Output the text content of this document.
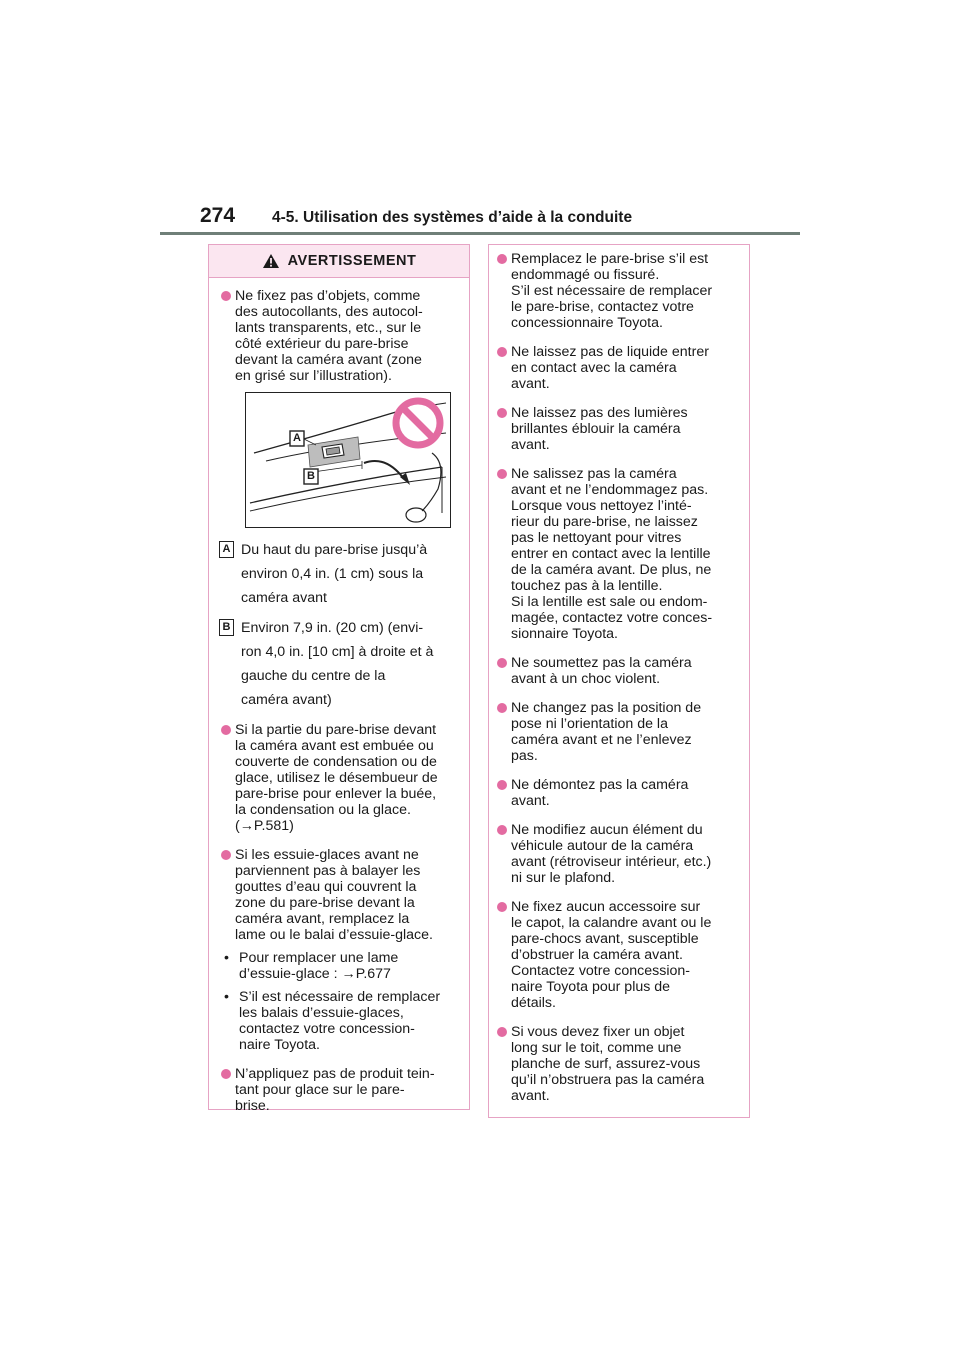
274 4-5. Utilisation des systèmes d’aide à la conduite
AVERTISSEMENT

Ne fixez pas d’objets, comme
des autocollants, des autocol-
lants transparents, etc., sur le
côté extérieur du pare-brise
devant la caméra avant (zone
en grisé sur l’illustration).

A
B
A Du haut du pare-brise jusqu’à
environ 0,4 in. (1 cm) sous la
caméra avant

B Environ 7,9 in. (20 cm) (envi-
ron 4,0 in. [10 cm] à droite et à
gauche du centre de la
caméra avant)

Si la partie du pare-brise devant
la caméra avant est embuée ou
couverte de condensation ou de
glace, utilisez le désembueur de
pare-brise pour enlever la buée,
la condensation ou la glace.
(→P.581)

Si les essuie-glaces avant ne
parviennent pas à balayer les
gouttes d’eau qui couvrent la
zone du pare-brise devant la
caméra avant, remplacez la
lame ou le balai d’essuie-glace.

• Pour remplacer une lame
d’essuie-glace : →P.677

• S’il est nécessaire de remplacer
les balais d’essuie-glaces,
contactez votre concession-
naire Toyota.

N’appliquez pas de produit tein-
tant pour glace sur le pare-
brise.

Remplacez le pare-brise s’il est
endommagé ou fissuré.
S’il est nécessaire de remplacer
le pare-brise, contactez votre
concessionnaire Toyota.

Ne laissez pas de liquide entrer
en contact avec la caméra
avant.

Ne laissez pas des lumières
brillantes éblouir la caméra
avant.

Ne salissez pas la caméra
avant et ne l’endommagez pas.
Lorsque vous nettoyez l’inté-
rieur du pare-brise, ne laissez
pas le nettoyant pour vitres
entrer en contact avec la lentille
de la caméra avant. De plus, ne
touchez pas à la lentille.
Si la lentille est sale ou endom-
magée, contactez votre conces-
sionnaire Toyota.

Ne soumettez pas la caméra
avant à un choc violent.

Ne changez pas la position de
pose ni l’orientation de la
caméra avant et ne l’enlevez
pas.

Ne démontez pas la caméra
avant.

Ne modifiez aucun élément du
véhicule autour de la caméra
avant (rétroviseur intérieur, etc.)
ni sur le plafond.

Ne fixez aucun accessoire sur
le capot, la calandre avant ou le
pare-chocs avant, susceptible
d’obstruer la caméra avant.
Contactez votre concession-
naire Toyota pour plus de
détails.

Si vous devez fixer un objet
long sur le toit, comme une
planche de surf, assurez-vous
qu’il n’obstruera pas la caméra
avant.
